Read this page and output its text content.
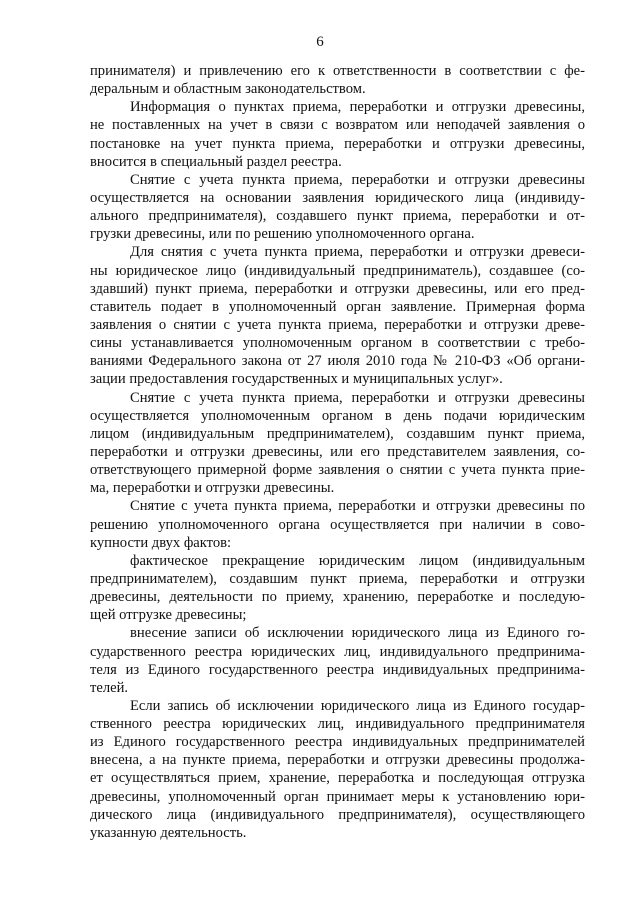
6
принимателя) и привлечению его к ответственности в соответствии с фе-
деральным и областным законодательством.
Информация о пунктах приема, переработки и отгрузки древесины,
не поставленных на учет в связи с возвратом или неподачей заявления о
постановке на учет пункта приема, переработки и отгрузки древесины,
вносится в специальный раздел реестра.
Снятие с учета пункта приема, переработки и отгрузки древесины
осуществляется на основании заявления юридического лица (индивиду-
ального предпринимателя), создавшего пункт приема, переработки и от-
грузки древесины, или по решению уполномоченного органа.
Для снятия с учета пункта приема, переработки и отгрузки древеси-
ны юридическое лицо (индивидуальный предприниматель), создавшее (со-
здавший) пункт приема, переработки и отгрузки древесины, или его пред-
ставитель подает в уполномоченный орган заявление. Примерная форма
заявления о снятии с учета пункта приема, переработки и отгрузки древе-
сины устанавливается уполномоченным органом в соответствии с требо-
ваниями Федерального закона от 27 июля 2010 года № 210-ФЗ «Об органи-
зации предоставления государственных и муниципальных услуг».
Снятие с учета пункта приема, переработки и отгрузки древесины
осуществляется уполномоченным органом в день подачи юридическим
лицом (индивидуальным предпринимателем), создавшим пункт приема,
переработки и отгрузки древесины, или его представителем заявления, со-
ответствующего примерной форме заявления о снятии с учета пункта прие-
ма, переработки и отгрузки древесины.
Снятие с учета пункта приема, переработки и отгрузки древесины по
решению уполномоченного органа осуществляется при наличии в сово-
купности двух фактов:
фактическое прекращение юридическим лицом (индивидуальным
предпринимателем), создавшим пункт приема, переработки и отгрузки
древесины, деятельности по приему, хранению, переработке и последую-
щей отгрузке древесины;
внесение записи об исключении юридического лица из Единого го-
сударственного реестра юридических лиц, индивидуального предпринима-
теля из Единого государственного реестра индивидуальных предпринима-
телей.
Если запись об исключении юридического лица из Единого государ-
ственного реестра юридических лиц, индивидуального предпринимателя
из Единого государственного реестра индивидуальных предпринимателей
внесена, а на пункте приема, переработки и отгрузки древесины продолжа-
ет осуществляться прием, хранение, переработка и последующая отгрузка
древесины, уполномоченный орган принимает меры к установлению юри-
дического лица (индивидуального предпринимателя), осуществляющего
указанную деятельность.
